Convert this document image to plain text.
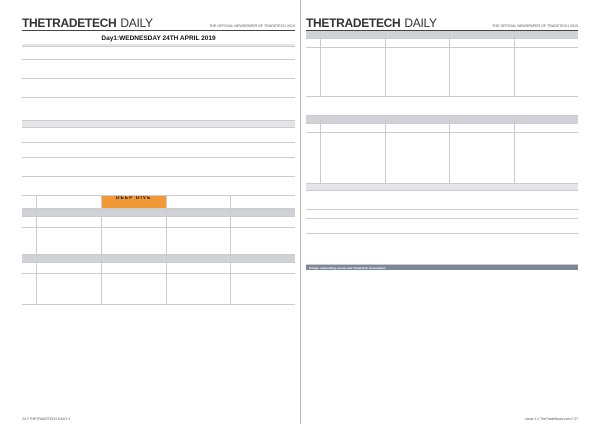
THETRADETECH DAILY	THE OFFICIAL NEWSPAPER OF TRADETECH 2019
Day1:WEDNESDAY 24TH APRIL 2019
DEEP DIVE
24 // THETRADETECH DAILY //
THETRADETECH DAILY	THE OFFICIAL NEWSPAPER OF TRADETECH 2019
Unique networking events and TradeTech Innovations
Issue 1 // TheTradeNews.com // 27
